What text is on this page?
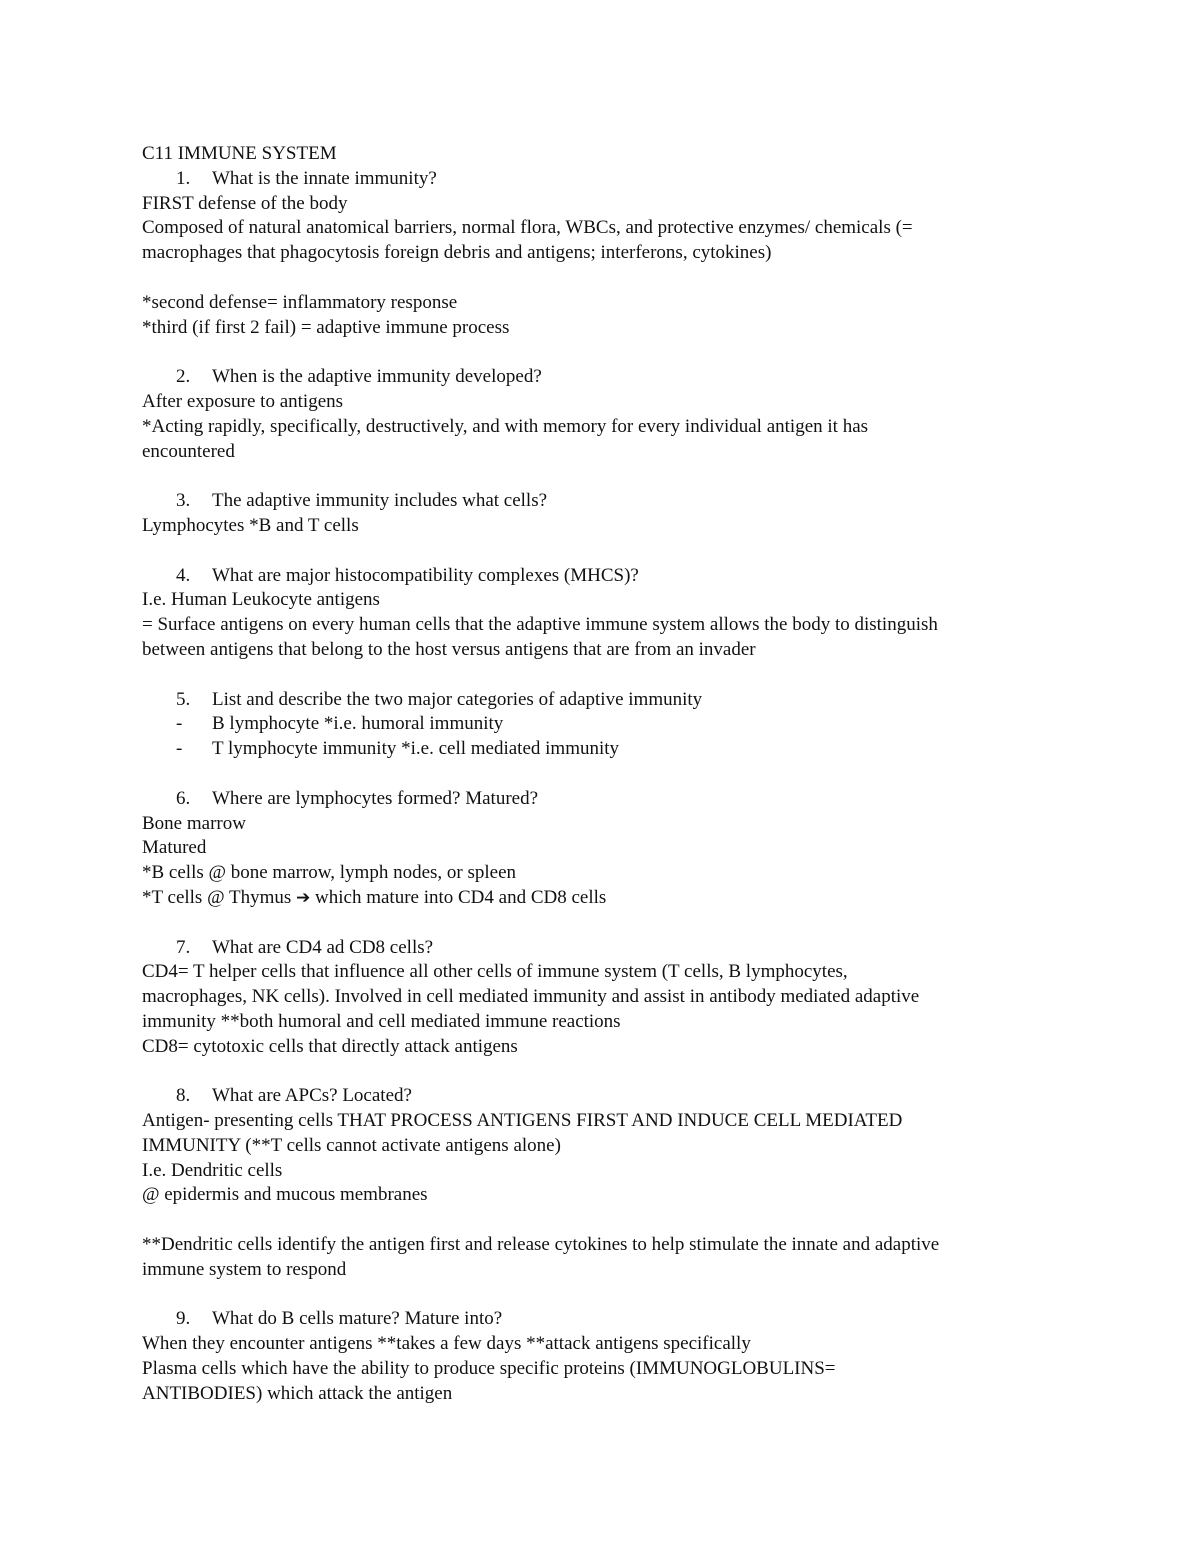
C11 IMMUNE SYSTEM
1. What is the innate immunity?
FIRST defense of the body
Composed of natural anatomical barriers, normal flora, WBCs, and protective enzymes/ chemicals (=
macrophages that phagocytosis foreign debris and antigens; interferons, cytokines)
*second defense= inflammatory response
*third (if first 2 fail) = adaptive immune process
2. When is the adaptive immunity developed?
After exposure to antigens
*Acting rapidly, specifically, destructively, and with memory for every individual antigen it has
encountered
3. The adaptive immunity includes what cells?
Lymphocytes *B and T cells
4. What are major histocompatibility complexes (MHCS)?
I.e. Human Leukocyte antigens
= Surface antigens on every human cells that the adaptive immune system allows the body to distinguish
between antigens that belong to the host versus antigens that are from an invader
5. List and describe the two major categories of adaptive immunity
- B lymphocyte *i.e. humoral immunity
- T lymphocyte immunity *i.e. cell mediated immunity
6. Where are lymphocytes formed? Matured?
Bone marrow
Matured
*B cells @ bone marrow, lymph nodes, or spleen
*T cells @ Thymus ➔ which mature into CD4 and CD8 cells
7. What are CD4 ad CD8 cells?
CD4= T helper cells that influence all other cells of immune system (T cells, B lymphocytes,
macrophages, NK cells). Involved in cell mediated immunity and assist in antibody mediated adaptive
immunity **both humoral and cell mediated immune reactions
CD8= cytotoxic cells that directly attack antigens
8. What are APCs? Located?
Antigen- presenting cells THAT PROCESS ANTIGENS FIRST AND INDUCE CELL MEDIATED
IMMUNITY (**T cells cannot activate antigens alone)
I.e. Dendritic cells
@ epidermis and mucous membranes
**Dendritic cells identify the antigen first and release cytokines to help stimulate the innate and adaptive
immune system to respond
9. What do B cells mature? Mature into?
When they encounter antigens **takes a few days **attack antigens specifically
Plasma cells which have the ability to produce specific proteins (IMMUNOGLOBULINS=
ANTIBODIES) which attack the antigen
